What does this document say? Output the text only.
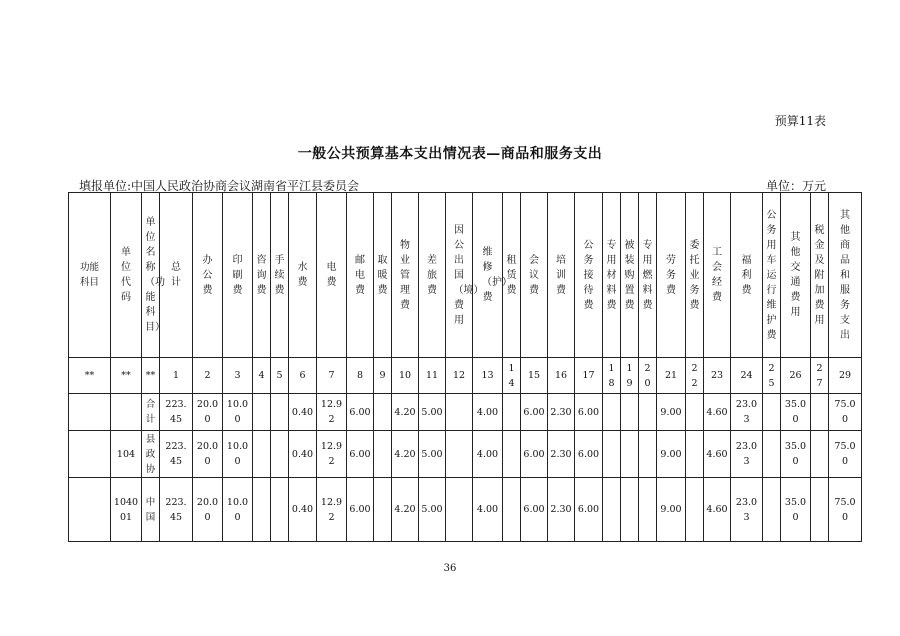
预算11表
一般公共预算基本支出情况表—商品和服务支出
填报单位:中国人民政治协商会议湖南省平江县委员会	单位：万元
功能科目	单位代码	单位名称（功能科目）	总计	办公费	印刷费	咨询费	手续费	水费	电费	邮电费	取暖费	物业管理费	差旅费	因公出国（境）费用	维修（护）费	租赁费	会议费	培训费	公务接待费	专用材料费	被装购置费	专用燃料费	劳务费	委托业务费	工会经费	福利费	公务用车运行维护费	其他交通费用	税金及附加费用	其他商品和服务支出
**	**	**	1	2	3	4	5	6	7	8	9	10	11	12	13	14	15	16	17	18	19	20	21	22	23	24	25	26	27	29
		合计	223.45	20.00	10.00			0.40	12.92	6.00		4.20	5.00		4.00		6.00	2.30	6.00				9.00		4.60	23.03		35.00		75.00
	104	县政协	223.45	20.00	10.00			0.40	12.92	6.00		4.20	5.00		4.00		6.00	2.30	6.00				9.00		4.60	23.03		35.00		75.00
	104001	中国	223.45	20.00	10.00			0.40	12.92	6.00		4.20	5.00		4.00		6.00	2.30	6.00				9.00		4.60	23.03		35.00		75.00
36
